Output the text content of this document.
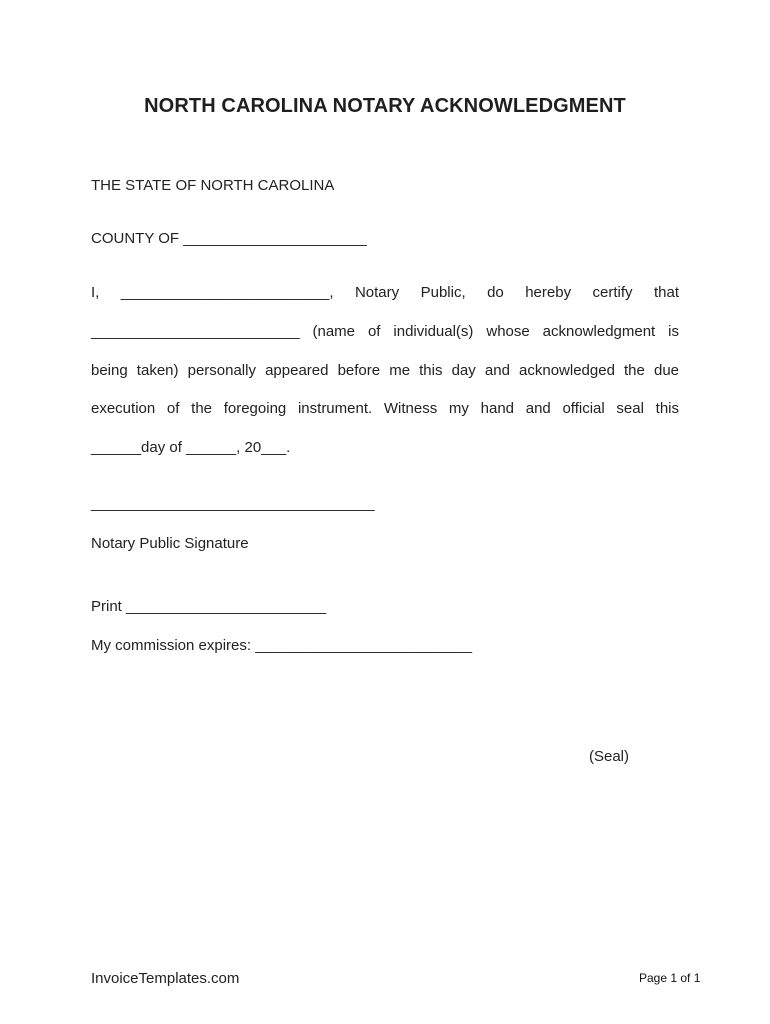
NORTH CAROLINA NOTARY ACKNOWLEDGMENT
THE STATE OF NORTH CAROLINA
COUNTY OF ______________________
I, _________________________, Notary Public, do hereby certify that
_________________________ (name of individual(s) whose acknowledgment is
being taken) personally appeared before me this day and acknowledged the due
execution of the foregoing instrument. Witness my hand and official seal this
______day of ______, 20___.
__________________________________
Notary Public Signature
Print ________________________
My commission expires: __________________________
(Seal)
InvoiceTemplates.com	Page 1 of 1
